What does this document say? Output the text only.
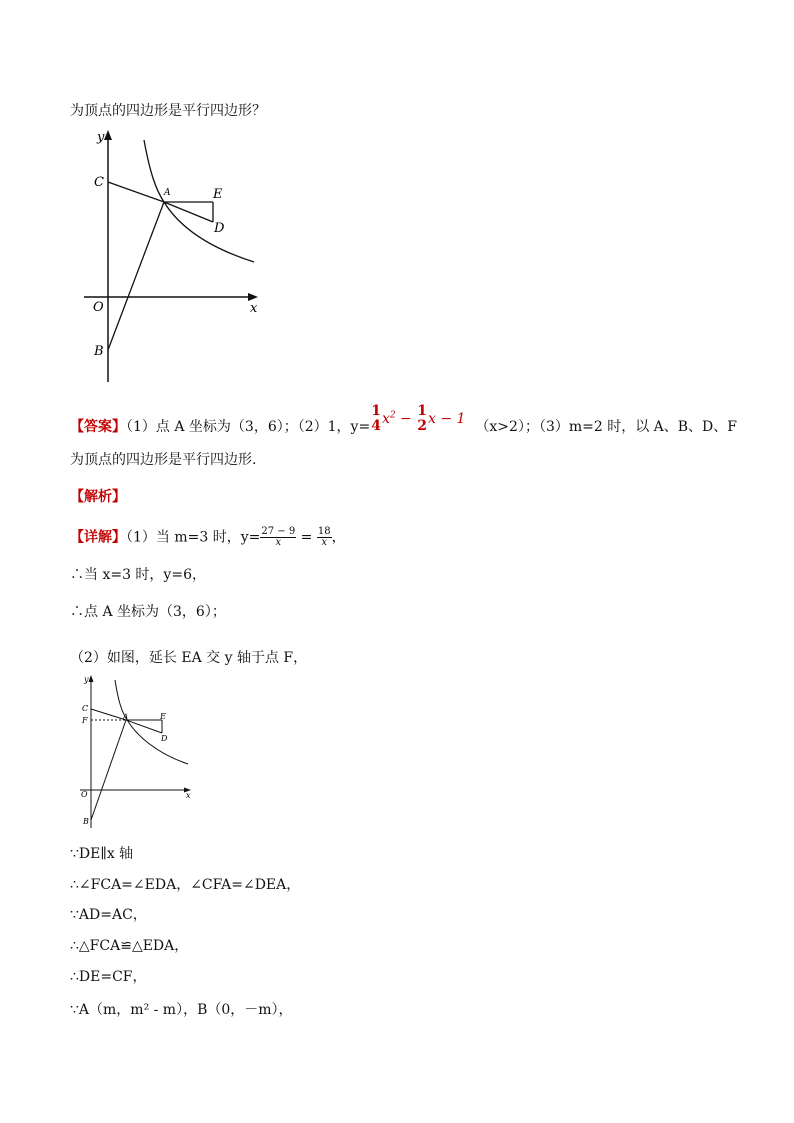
为顶点的四边形是平行四边形？
y
x
O
C
A	E
D
B
【答案】（1）点 A 坐标为（3，6）；（2）1，y=
1
4 $x^2 - 1$
2 x − 1 （x>2）；（3）m=2 时，以 A、B、D、F
为顶点的四边形是平行四边形.
【解析】
【详解】（1）当 m=3 时，$y= \frac{27 - 9}{x} = \frac{18}{x}$ ，
∴当 x=3 时，y=6，
∴点 A 坐标为（3，6）；
（2）如图，延长 EA 交 y 轴于点 F，
y
x
O
C
F	A	E
D
B
∵DE∥x 轴
∴∠FCA=∠EDA，∠CFA=∠DEA，
∵AD=AC，
∴△FCA≌△EDA，
∴DE=CF，
∵A（m，m² - m），B（0，－m），
